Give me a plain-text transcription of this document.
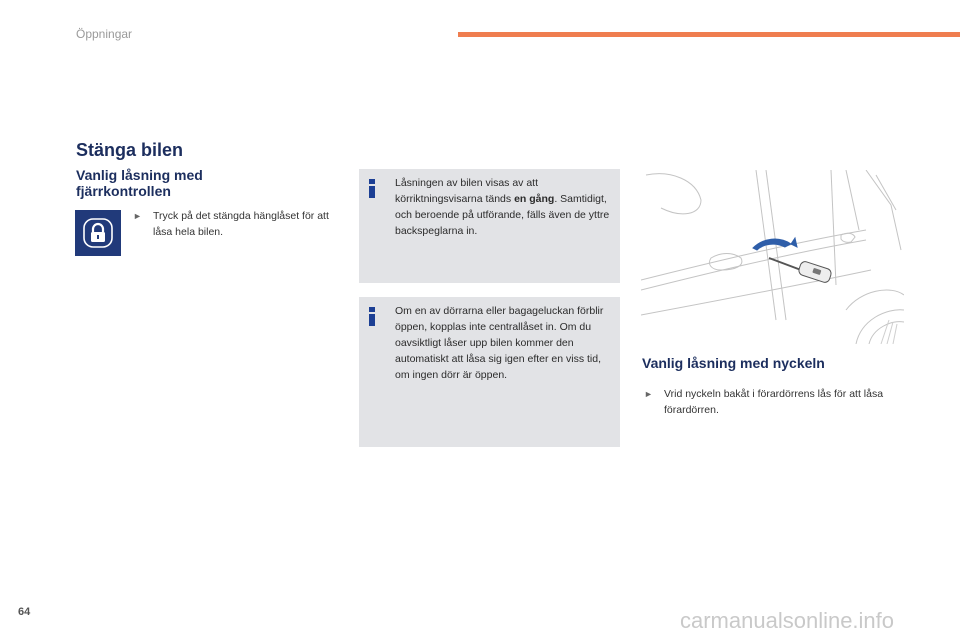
Öppningar
Stänga bilen
Vanlig låsning med
fjärrkontrollen
► Tryck på det stängda hänglåset för att låsa hela bilen.
Låsningen av bilen visas av att körriktningsvisarna tänds en gång. Samtidigt, och beroende på utförande, fälls även de yttre backspeglarna in.
Om en av dörrarna eller bagageluckan förblir öppen, kopplas inte centrallåset in. Om du oavsiktligt låser upp bilen kommer den automatiskt att låsa sig igen efter en viss tid, om ingen dörr är öppen.
Vanlig låsning med nyckeln
► Vrid nyckeln bakåt i förardörrens lås för att låsa förardörren.
64	carmanualsonline.info
